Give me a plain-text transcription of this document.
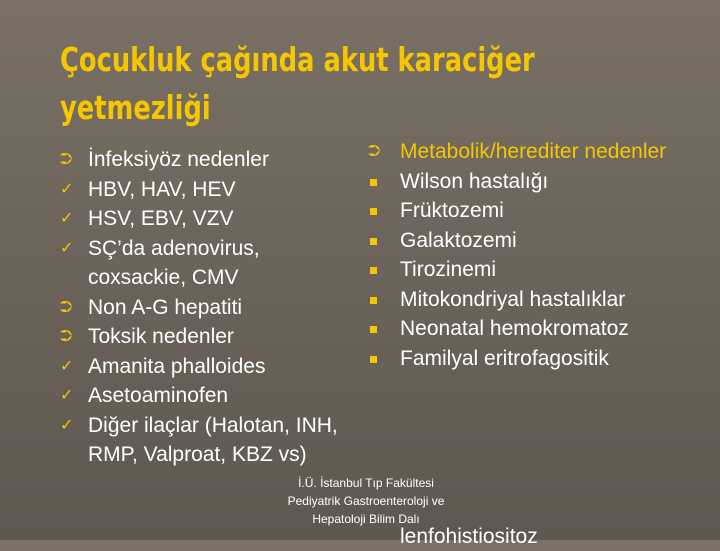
Çocukluk çağında akut karaciğer
yetmezliği
⮊ İnfeksiyöz nedenler
✓ HBV, HAV, HEV
✓ HSV, EBV, VZV
✓ SÇ’da adenovirus, coxsackie, CMV
⮊ Non A-G hepatiti
⮊ Toksik nedenler
✓ Amanita phalloides
✓ Asetoaminofen
✓ Diğer ilaçlar (Halotan, INH, RMP, Valproat, KBZ vs)
⮊ Metabolik/herediter nedenler
Wilson hastalığı
Früktozemi
Galaktozemi
Tirozinemi
Mitokondriyal hastalıklar
Neonatal hemokromatoz
Familyal eritrofagositik
lenfohistiositoz
İ.Ü. İstanbul Tıp Fakültesi
Pediyatrik Gastroenteroloji ve
Hepatoloji Bilim Dalı
